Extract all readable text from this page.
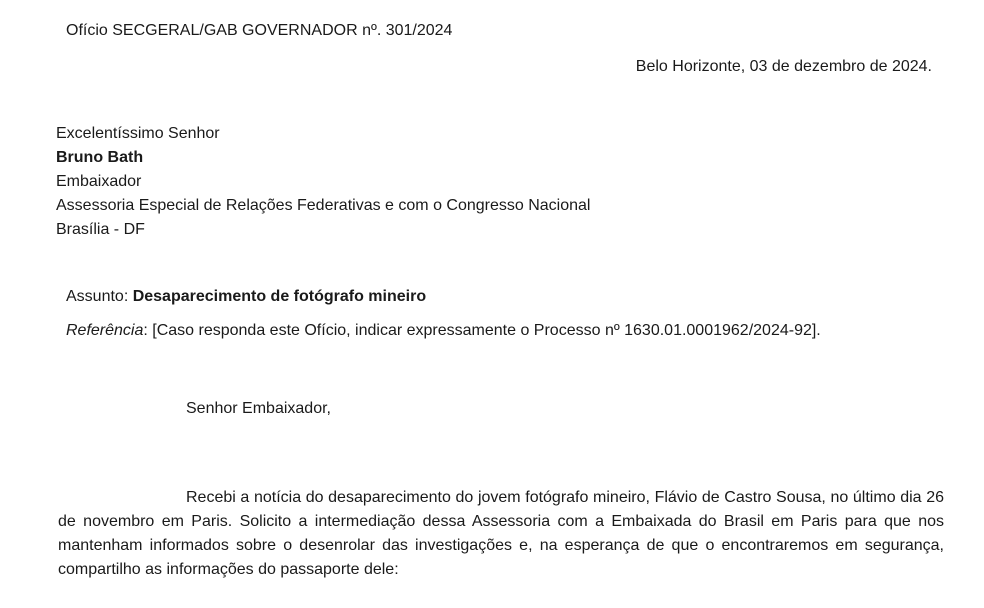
Ofício SECGERAL/GAB GOVERNADOR nº. 301/2024
Belo Horizonte, 03 de dezembro de 2024.
Excelentíssimo Senhor
Bruno Bath
Embaixador
Assessoria Especial de Relações Federativas e com o Congresso Nacional
Brasília - DF
Assunto: Desaparecimento de fotógrafo mineiro
Referência: [Caso responda este Ofício, indicar expressamente o Processo nº 1630.01.0001962/2024-92].
Senhor Embaixador,
Recebi a notícia do desaparecimento do jovem fotógrafo mineiro, Flávio de Castro Sousa, no último dia 26 de novembro em Paris. Solicito a intermediação dessa Assessoria com a Embaixada do Brasil em Paris para que nos mantenham informados sobre o desenrolar das investigações e, na esperança de que o encontraremos em segurança, compartilho as informações do passaporte dele:
